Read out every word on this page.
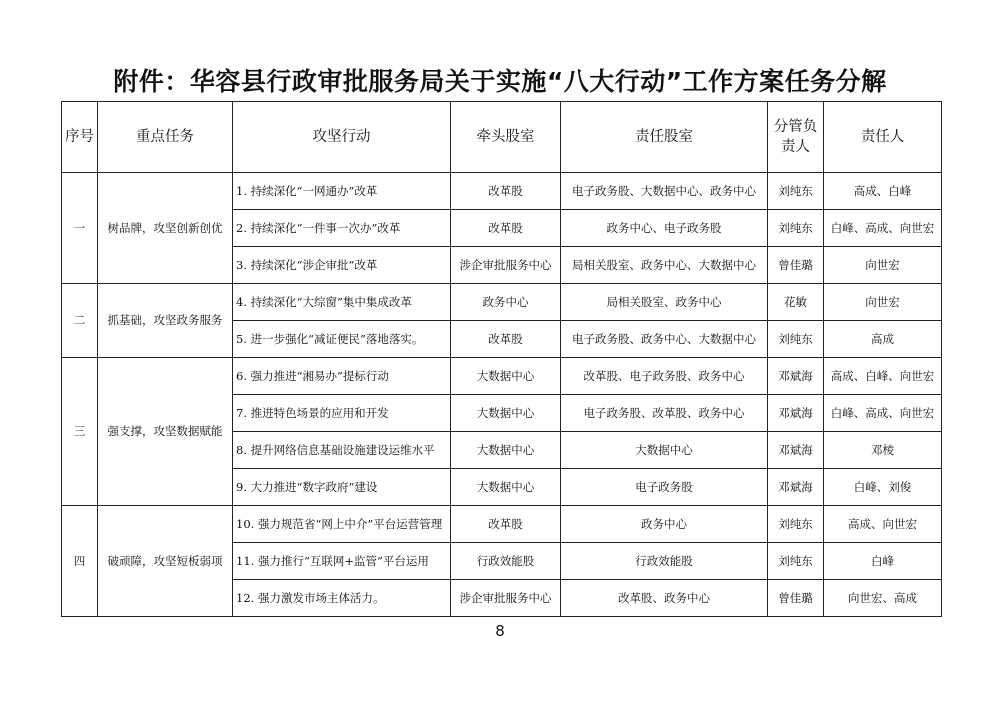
附件：华容县行政审批服务局关于实施“八大行动”工作方案任务分解
序号	重点任务	攻坚行动	牵头股室	责任股室	分管负责人	责任人
一	树品牌，攻坚创新创优	1. 持续深化“一网通办”改革	改革股	电子政务股、大数据中心、政务中心	刘纯东	高成、白峰
		2. 持续深化“一件事一次办”改革	改革股	政务中心、电子政务股	刘纯东	白峰、高成、向世宏
		3. 持续深化“涉企审批”改革	涉企审批服务中心	局相关股室、政务中心、大数据中心	曾佳璐	向世宏
二	抓基础，攻坚政务服务	4. 持续深化“大综窗”集中集成改革	政务中心	局相关股室、政务中心	花敏	向世宏
		5. 进一步强化“减证便民”落地落实。	改革股	电子政务股、政务中心、大数据中心	刘纯东	高成
三	强支撑，攻坚数据赋能	6. 强力推进“湘易办”提标行动	大数据中心	改革股、电子政务股、政务中心	邓斌海	高成、白峰、向世宏
		7. 推进特色场景的应用和开发	大数据中心	电子政务股、改革股、政务中心	邓斌海	白峰、高成、向世宏
		8. 提升网络信息基础设施建设运维水平	大数据中心	大数据中心	邓斌海	邓棱
		9. 大力推进“数字政府”建设	大数据中心	电子政务股	邓斌海	白峰、刘俊
四	破顽障，攻坚短板弱项	10. 强力规范省“网上中介”平台运营管理	改革股	政务中心	刘纯东	高成、向世宏
		11. 强力推行“互联网+监管”平台运用	行政效能股	行政效能股	刘纯东	白峰
		12. 强力激发市场主体活力。	涉企审批服务中心	改革股、政务中心	曾佳璐	向世宏、高成
8
